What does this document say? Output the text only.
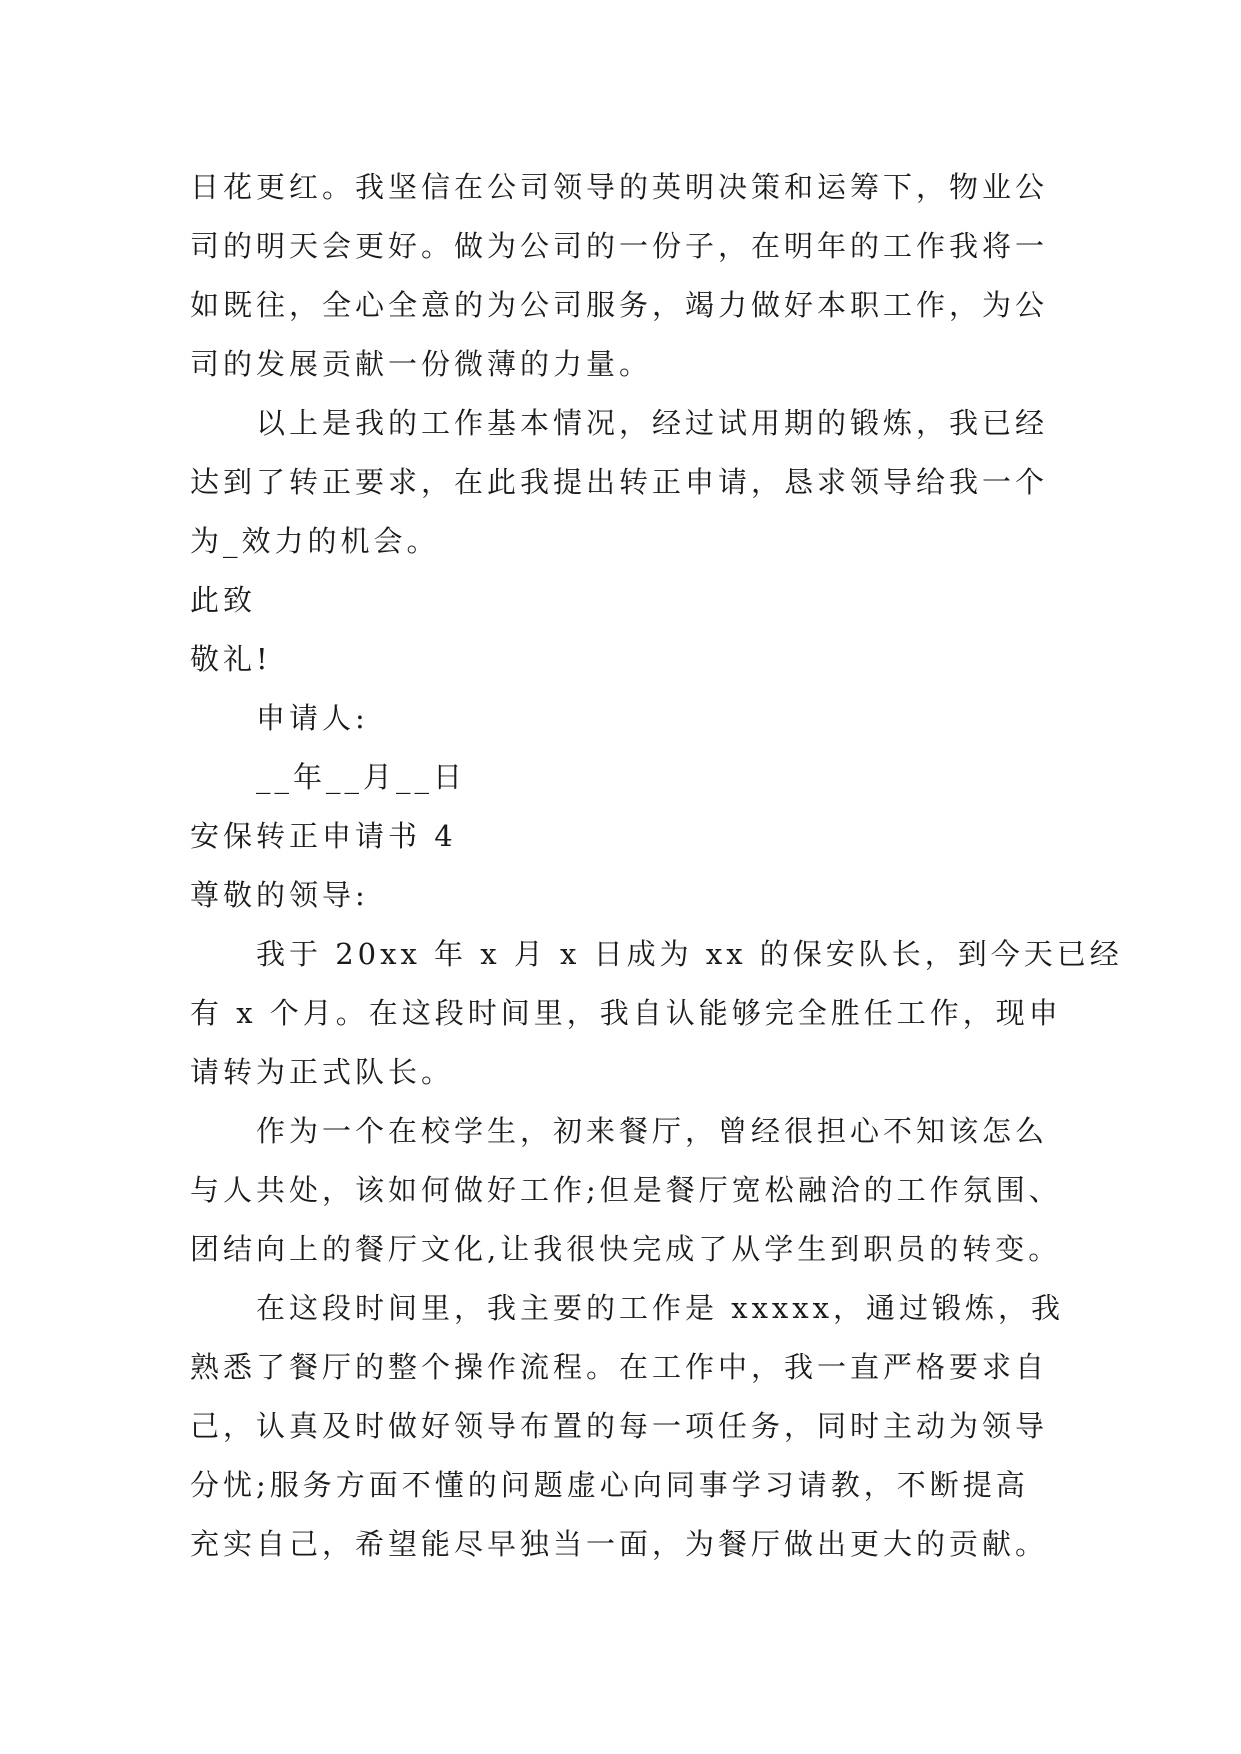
日花更红。我坚信在公司领导的英明决策和运筹下，物业公
司的明天会更好。做为公司的一份子，在明年的工作我将一
如既往，全心全意的为公司服务，竭力做好本职工作，为公
司的发展贡献一份微薄的力量。
以上是我的工作基本情况，经过试用期的锻炼，我已经
达到了转正要求，在此我提出转正申请，恳求领导给我一个
为_效力的机会。
此致
敬礼!
申请人:
__年__月__日
安保转正申请书 4
尊敬的领导:
我于 20xx 年 x 月 x 日成为 xx 的保安队长，到今天已经
有 x 个月。在这段时间里，我自认能够完全胜任工作，现申
请转为正式队长。
作为一个在校学生，初来餐厅，曾经很担心不知该怎么
与人共处，该如何做好工作;但是餐厅宽松融洽的工作氛围、
团结向上的餐厅文化,让我很快完成了从学生到职员的转变。
在这段时间里，我主要的工作是 xxxxx，通过锻炼，我
熟悉了餐厅的整个操作流程。在工作中，我一直严格要求自
己，认真及时做好领导布置的每一项任务，同时主动为领导
分忧;服务方面不懂的问题虚心向同事学习请教，不断提高
充实自己，希望能尽早独当一面，为餐厅做出更大的贡献。
